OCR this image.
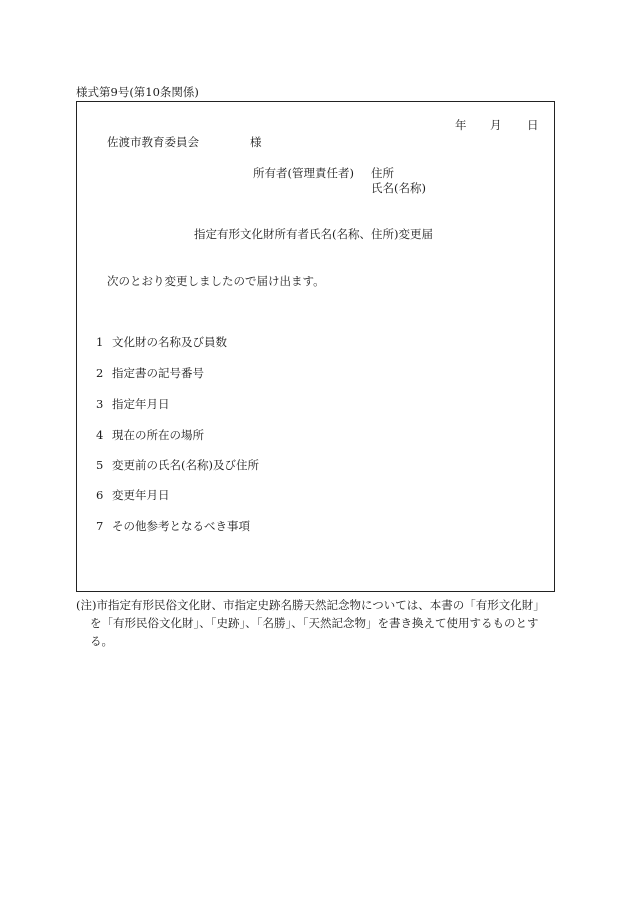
様式第9号(第10条関係)
年 月 日
佐渡市教育委員会	様
所有者(管理責任者) 住所
氏名(名称)
指定有形文化財所有者氏名(名称、住所)変更届
次のとおり変更しましたので届け出ます。
1 文化財の名称及び員数
2 指定書の記号番号
3 指定年月日
4 現在の所在の場所
5 変更前の氏名(名称)及び住所
6 変更年月日
7 その他参考となるべき事項
(注)市指定有形民俗文化財、市指定史跡名勝天然記念物については、本書の「有形文化財」
を「有形民俗文化財」、「史跡」、「名勝」、「天然記念物」を書き換えて使用するものとす
る。
